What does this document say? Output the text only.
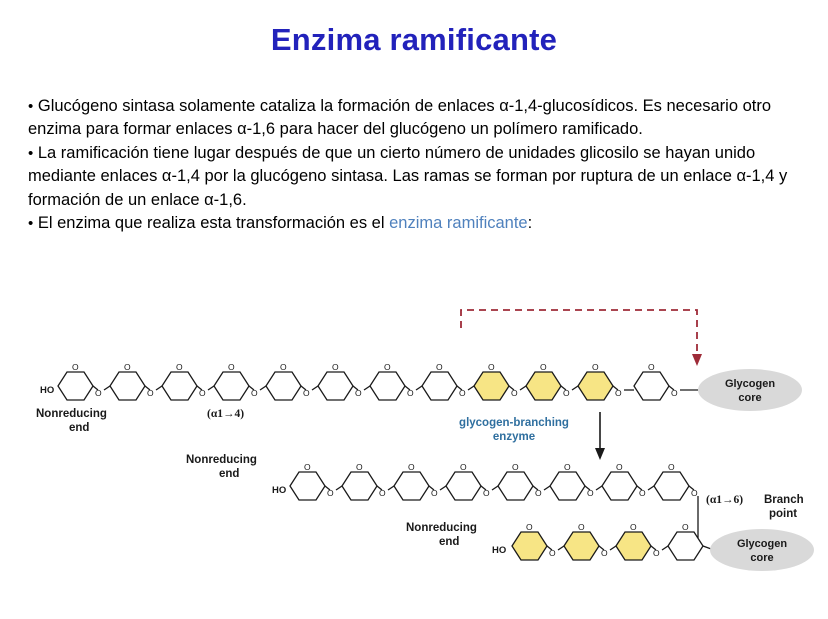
Enzima ramificante

• Glucógeno sintasa solamente cataliza la formación de enlaces α-1,4-glucosídicos. Es necesario otro enzima para formar enlaces α-1,6 para hacer del glucógeno un polímero ramificado.

• La ramificación tiene lugar después de que un cierto número de unidades glicosilo se hayan unido mediante enlaces α-1,4 por la glucógeno sintasa. Las ramas se forman por ruptura de un enlace α-1,4 y formación de un enlace α-1,6.

• El enzima que realiza esta transformación es el enzima ramificante:

HO
O
O
O
O
O
O
O
O
O
O
O
O
O
O
O
O
O
O
O
O
O
O
O
O
Glycogen
core
Nonreducing
end
(α1→4)
glycogen-branching
enzyme
Nonreducing
end
HO
O
O
O
O
O
O
O
O
O
O
O
O
O
O
O
O
(α1→6) Branch
point
Nonreducing
end
HO
O
O
O
O
O
O
O
Glycogen
core
